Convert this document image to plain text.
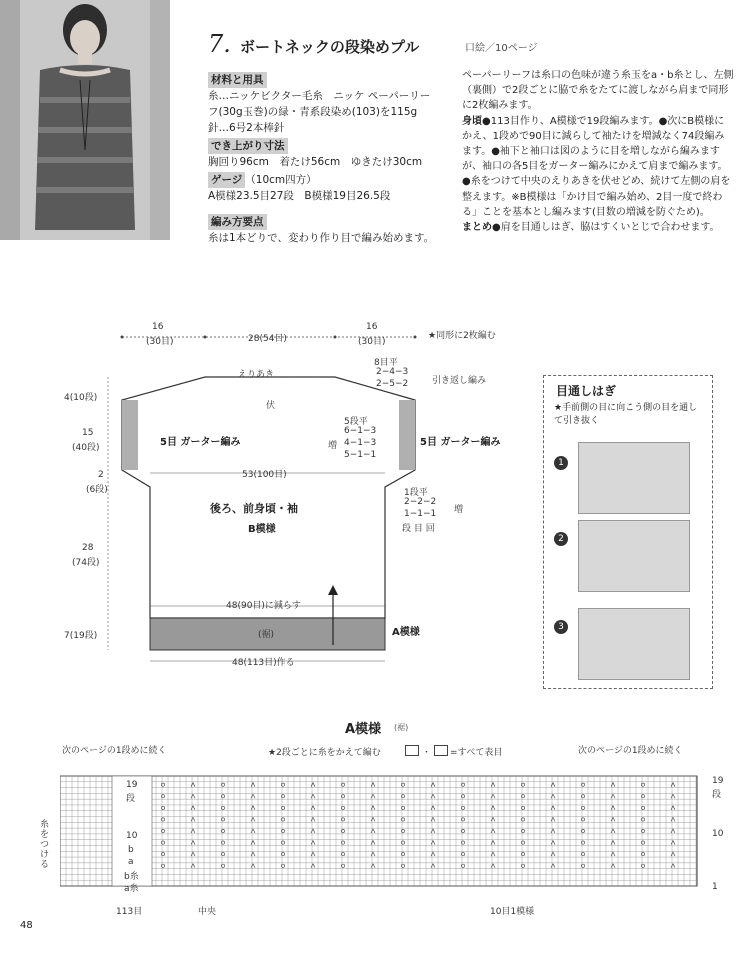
7. ボートネックの段染めプル	口絵／10ページ
材料と用具
糸…ニッケビクター毛糸　ニッケ ペーパーリーフ(30g玉巻)の緑・青系段染め(103)を115g
針…6号2本棒針
でき上がり寸法
胸回り96cm　着たけ56cm　ゆきたけ30cm
ゲージ （10cm四方）
A模様23.5目27段　B模様19目26.5段
編み方要点
糸は1本どりで、変わり作り目で編み始めます。
ペーパーリーフは糸口の色味が違う糸玉をa・b糸とし、左側（裏側）で2段ごとに脇で糸をたてに渡しながら肩まで同形に2枚編みます。
身頃●113目作り、A模様で19段編みます。●次にB模様にかえ、1段めで90目に減らして袖たけを増減なく74段編みます。●袖下と袖口は図のように目を増しながら編みますが、袖口の各5目をガーター編みにかえて肩まで編みます。●糸をつけて中央のえりあきを伏せどめ、続けて左側の肩を整えます。※B模様は「かけ目で編み始め、2目一度で終わる」ことを基本とし編みます(目数の増減を防ぐため)。
まとめ●肩を目通しはぎ、脇はすくいとじで合わせます。
16
(30目)	28(54目)
16
(30目)
★同形に2枚編む
えりあき
伏
8目平
2−4−3
2−5−2	引き返し編み
4(10段)
15
(40段)
2
(6段)
28
(74段)
7(19段)
5目 ガーター編み	5目 ガーター編み
5段平
6−1−3
4−1−3
5−1−1
増
53(100目)
後ろ、前身頃・袖
B模様
1段平
2−2−2
1−1−1 増
段 目 回
48(90目)に減らす
(裾)	A模様
48(113目)作る
目通しはぎ
★手前側の目に向こう側の目を通して引き抜く
1
2
3
A模様 (裾)
次のページの1段めに続く	次のページの1段めに続く
★2段ごとに糸をかえて編む	・ =すべて表目
19
段
10
b
a
b糸
a糸
糸をつける
19
段
10
1
113目	中央	10目1模様
48
